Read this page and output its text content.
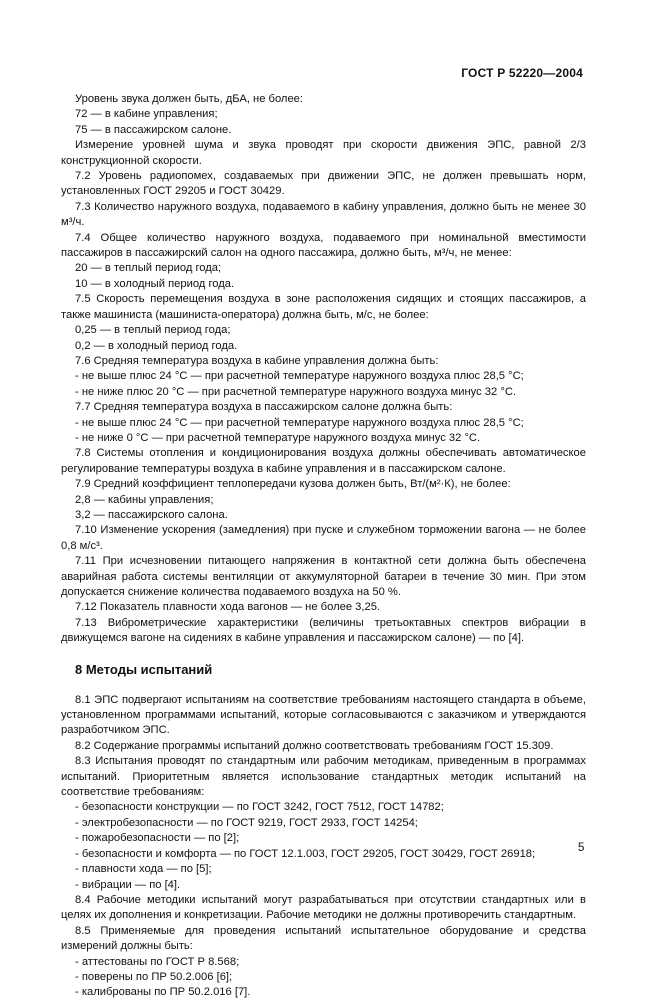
ГОСТ Р 52220—2004

Уровень звука должен быть, дБА, не более:

72 — в кабине управления;

75 — в пассажирском салоне.

Измерение уровней шума и звука проводят при скорости движения ЭПС, равной 2/3 конструкционной скорости.

7.2 Уровень радиопомех, создаваемых при движении ЭПС, не должен превышать норм, установленных ГОСТ 29205 и ГОСТ 30429.

7.3 Количество наружного воздуха, подаваемого в кабину управления, должно быть не менее 30 м³/ч.

7.4 Общее количество наружного воздуха, подаваемого при номинальной вместимости пассажиров в пассажирский салон на одного пассажира, должно быть, м³/ч, не менее:

20 — в теплый период года;

10 — в холодный период года.

7.5 Скорость перемещения воздуха в зоне расположения сидящих и стоящих пассажиров, а также машиниста (машиниста-оператора) должна быть, м/с, не более:

0,25 — в теплый период года;

0,2 — в холодный период года.

7.6 Средняя температура воздуха в кабине управления должна быть:

- не выше плюс 24 °С — при расчетной температуре наружного воздуха плюс 28,5 °С;

- не ниже плюс 20 °С — при расчетной температуре наружного воздуха минус 32 °С.

7.7 Средняя температура воздуха в пассажирском салоне должна быть:

- не выше плюс 24 °С — при расчетной температуре наружного воздуха плюс 28,5 °С;

- не ниже 0 °С — при расчетной температуре наружного воздуха минус 32 °С.

7.8 Системы отопления и кондиционирования воздуха должны обеспечивать автоматическое регулирование температуры воздуха в кабине управления и в пассажирском салоне.

7.9 Средний коэффициент теплопередачи кузова должен быть, Вт/(м²·К), не более:

2,8 — кабины управления;

3,2 — пассажирского салона.

7.10 Изменение ускорения (замедления) при пуске и служебном торможении вагона — не более 0,8 м/с³.

7.11 При исчезновении питающего напряжения в контактной сети должна быть обеспечена аварийная работа системы вентиляции от аккумуляторной батареи в течение 30 мин. При этом допускается снижение количества подаваемого воздуха на 50 %.

7.12 Показатель плавности хода вагонов — не более 3,25.

7.13 Виброметрические характеристики (величины третьоктавных спектров вибрации в движущемся вагоне на сидениях в кабине управления и пассажирском салоне) — по [4].

8 Методы испытаний

8.1 ЭПС подвергают испытаниям на соответствие требованиям настоящего стандарта в объеме, установленном программами испытаний, которые согласовываются с заказчиком и утверждаются разработчиком ЭПС.

8.2 Содержание программы испытаний должно соответствовать требованиям ГОСТ 15.309.

8.3 Испытания проводят по стандартным или рабочим методикам, приведенным в программах испытаний. Приоритетным является использование стандартных методик испытаний на соответствие требованиям:

- безопасности конструкции — по ГОСТ 3242, ГОСТ 7512, ГОСТ 14782;

- электробезопасности — по ГОСТ 9219, ГОСТ 2933, ГОСТ 14254;

- пожаробезопасности — по [2];

- безопасности и комфорта — по ГОСТ 12.1.003, ГОСТ 29205, ГОСТ 30429, ГОСТ 26918;

- плавности хода — по [5];

- вибрации — по [4].

8.4 Рабочие методики испытаний могут разрабатываться при отсутствии стандартных или в целях их дополнения и конкретизации. Рабочие методики не должны противоречить стандартным.

8.5 Применяемые для проведения испытаний испытательное оборудование и средства измерений должны быть:

- аттестованы по ГОСТ Р 8.568;

- поверены по ПР 50.2.006 [6];

- калиброваны по ПР 50.2.016 [7].

5
